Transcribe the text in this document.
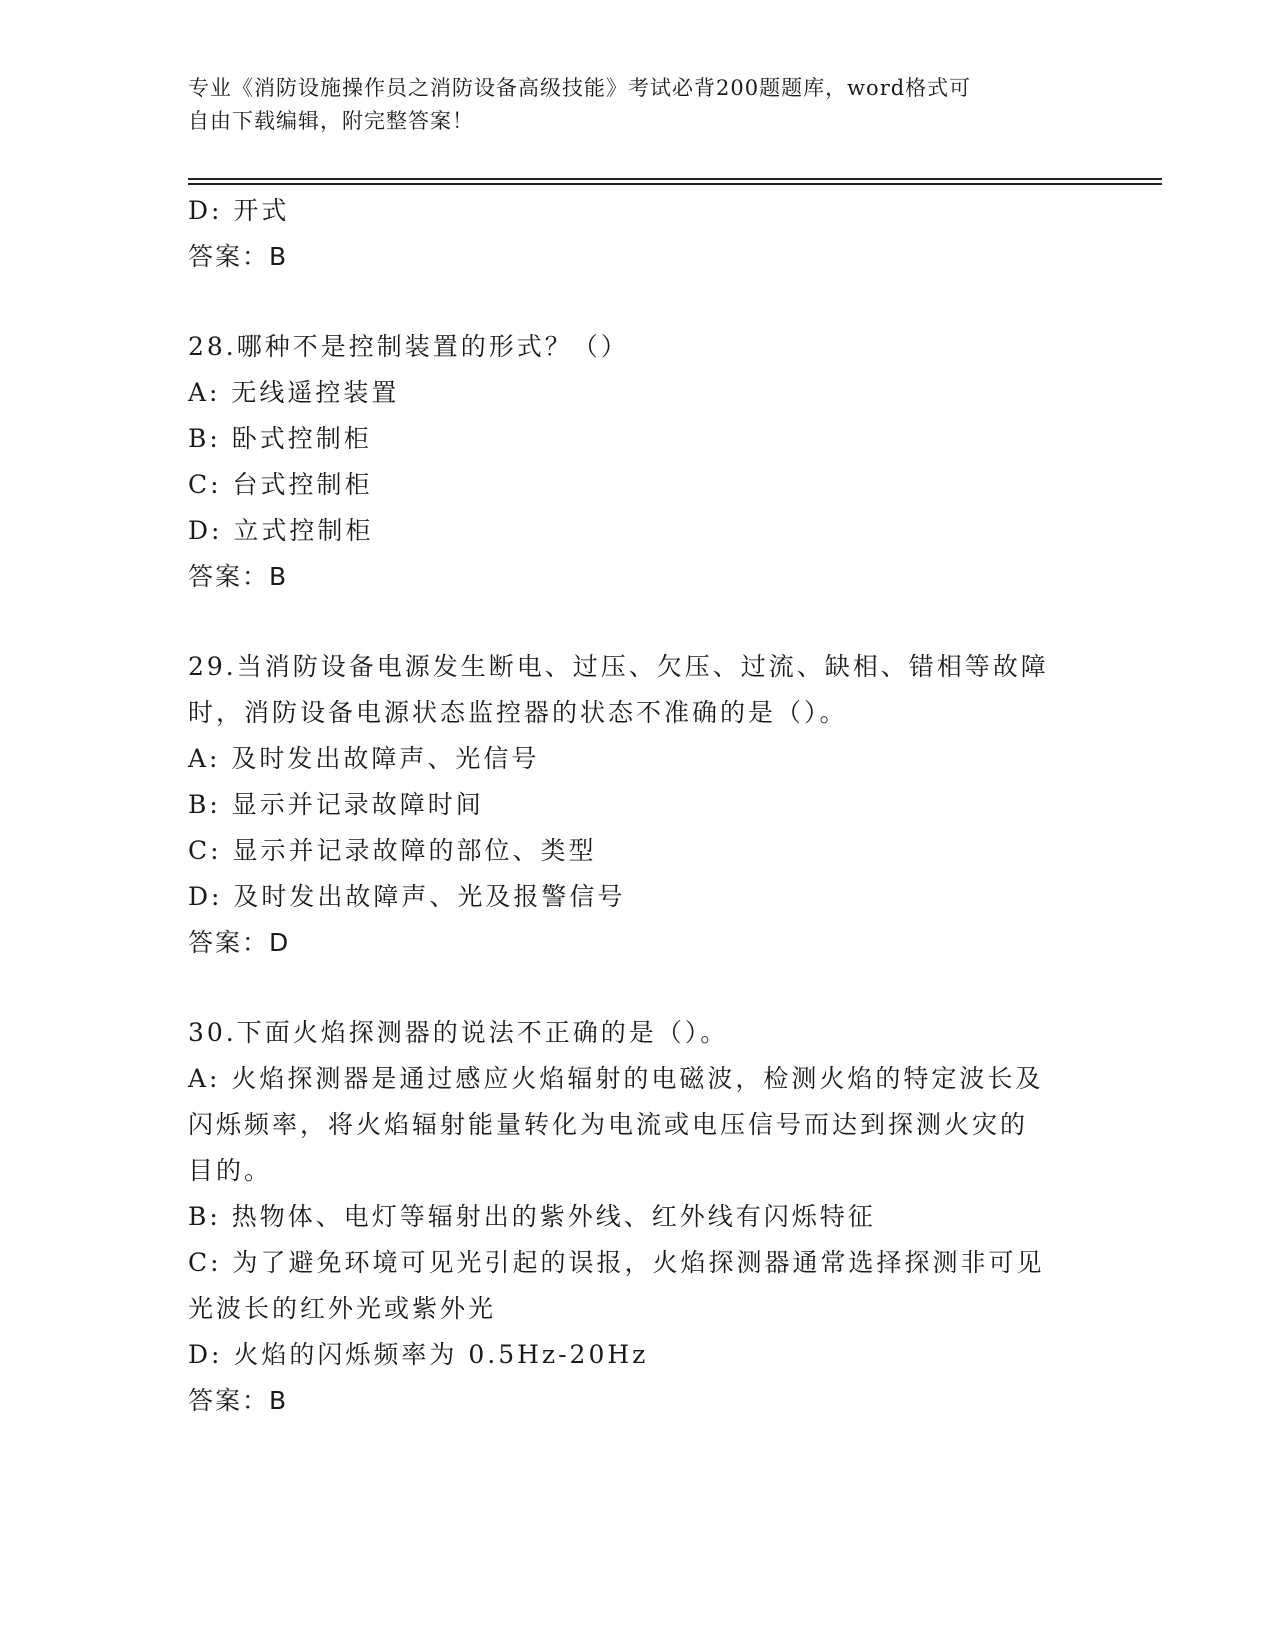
专业《消防设施操作员之消防设备高级技能》考试必背200题题库，word格式可
自由下载编辑，附完整答案！
D: 开式
答案：B
28.哪种不是控制装置的形式？（）
A: 无线遥控装置
B: 卧式控制柜
C: 台式控制柜
D: 立式控制柜
答案：B
29.当消防设备电源发生断电、过压、欠压、过流、缺相、错相等故障
时，消防设备电源状态监控器的状态不准确的是（）。
A: 及时发出故障声、光信号
B: 显示并记录故障时间
C: 显示并记录故障的部位、类型
D: 及时发出故障声、光及报警信号
答案：D
30.下面火焰探测器的说法不正确的是（）。
A: 火焰探测器是通过感应火焰辐射的电磁波，检测火焰的特定波长及
闪烁频率，将火焰辐射能量转化为电流或电压信号而达到探测火灾的
目的。
B: 热物体、电灯等辐射出的紫外线、红外线有闪烁特征
C: 为了避免环境可见光引起的误报，火焰探测器通常选择探测非可见
光波长的红外光或紫外光
D: 火焰的闪烁频率为 0.5Hz-20Hz
答案：B
